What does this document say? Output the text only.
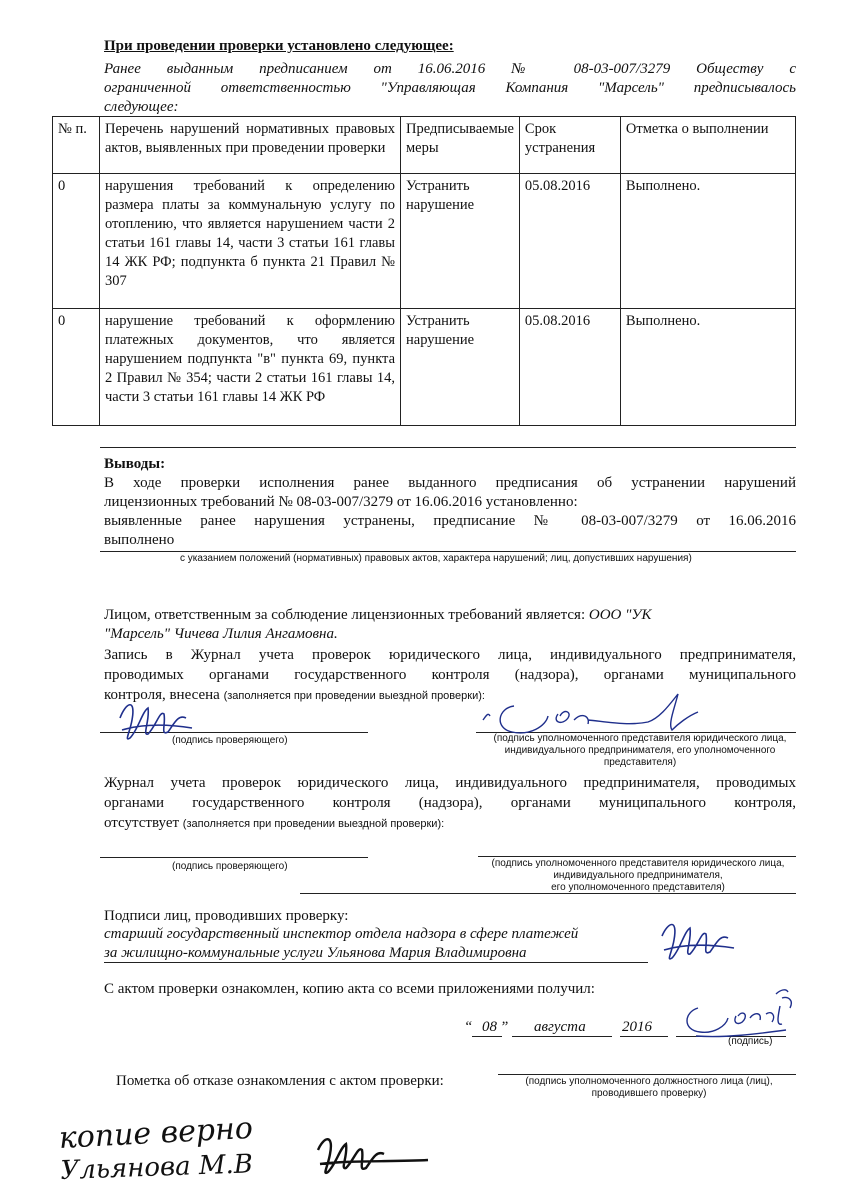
При проведении проверки установлено следующее:
Ранее выданным предписанием от 16.06.2016 № 08-03-007/3279 Обществу с
ограниченной ответственностью "Управляющая Компания "Марсель" предписывалось
следующее:
№ п.	Перечень нарушений нормативных правовых актов, выявленных при проведении проверки	Предписываемые меры	Срок устранения	Отметка о выполнении
0	нарушения требований к определению размера платы за коммунальную услугу по отоплению, что является нарушением части 2 статьи 161 главы 14, части 3 статьи 161 главы 14 ЖК РФ; подпункта б пункта 21 Правил № 307	Устранить нарушение	05.08.2016	Выполнено.
0	нарушение требований к оформлению платежных документов, что является нарушением подпункта "в" пункта 69, пункта 2 Правил № 354; части 2 статьи 161 главы 14, части 3 статьи 161 главы 14 ЖК РФ	Устранить нарушение	05.08.2016	Выполнено.
Выводы:
В ходе проверки исполнения ранее выданного предписания об устранении нарушений
лицензионных требований № 08-03-007/3279 от 16.06.2016 установленно:
выявленные ранее нарушения устранены, предписание № 08-03-007/3279 от 16.06.2016
выполнено
с указанием положений (нормативных) правовых актов, характера нарушений; лиц, допустивших нарушения)
Лицом, ответственным за соблюдение лицензионных требований является: ООО "УК
"Марсель" Чичева Лилия Ангамовна.
Запись в Журнал учета проверок юридического лица, индивидуального предпринимателя,
проводимых органами государственного контроля (надзора), органами муниципального
контроля, внесена (заполняется при проведении выездной проверки):
(подпись проверяющего)	(подпись уполномоченного представителя юридического лица,
индивидуального предпринимателя, его уполномоченного
представителя)
Журнал учета проверок юридического лица, индивидуального предпринимателя, проводимых
органами государственного контроля (надзора), органами муниципального контроля,
отсутствует (заполняется при проведении выездной проверки):
(подпись проверяющего)	(подпись уполномоченного представителя юридического лица,
индивидуального предпринимателя,
его уполномоченного представителя)
Подписи лиц, проводивших проверку:
старший государственный инспектор отдела надзора в сфере платежей
за жилищно-коммунальные услуги Ульянова Мария Владимировна
С актом проверки ознакомлен, копию акта со всеми приложениями получил:
“ 08 ” августа 2016
(подпись)
Пометка об отказе ознакомления с актом проверки:	(подпись уполномоченного должностного лица (лиц),
проводившего проверку)
копие верно
Ульянова М.В
